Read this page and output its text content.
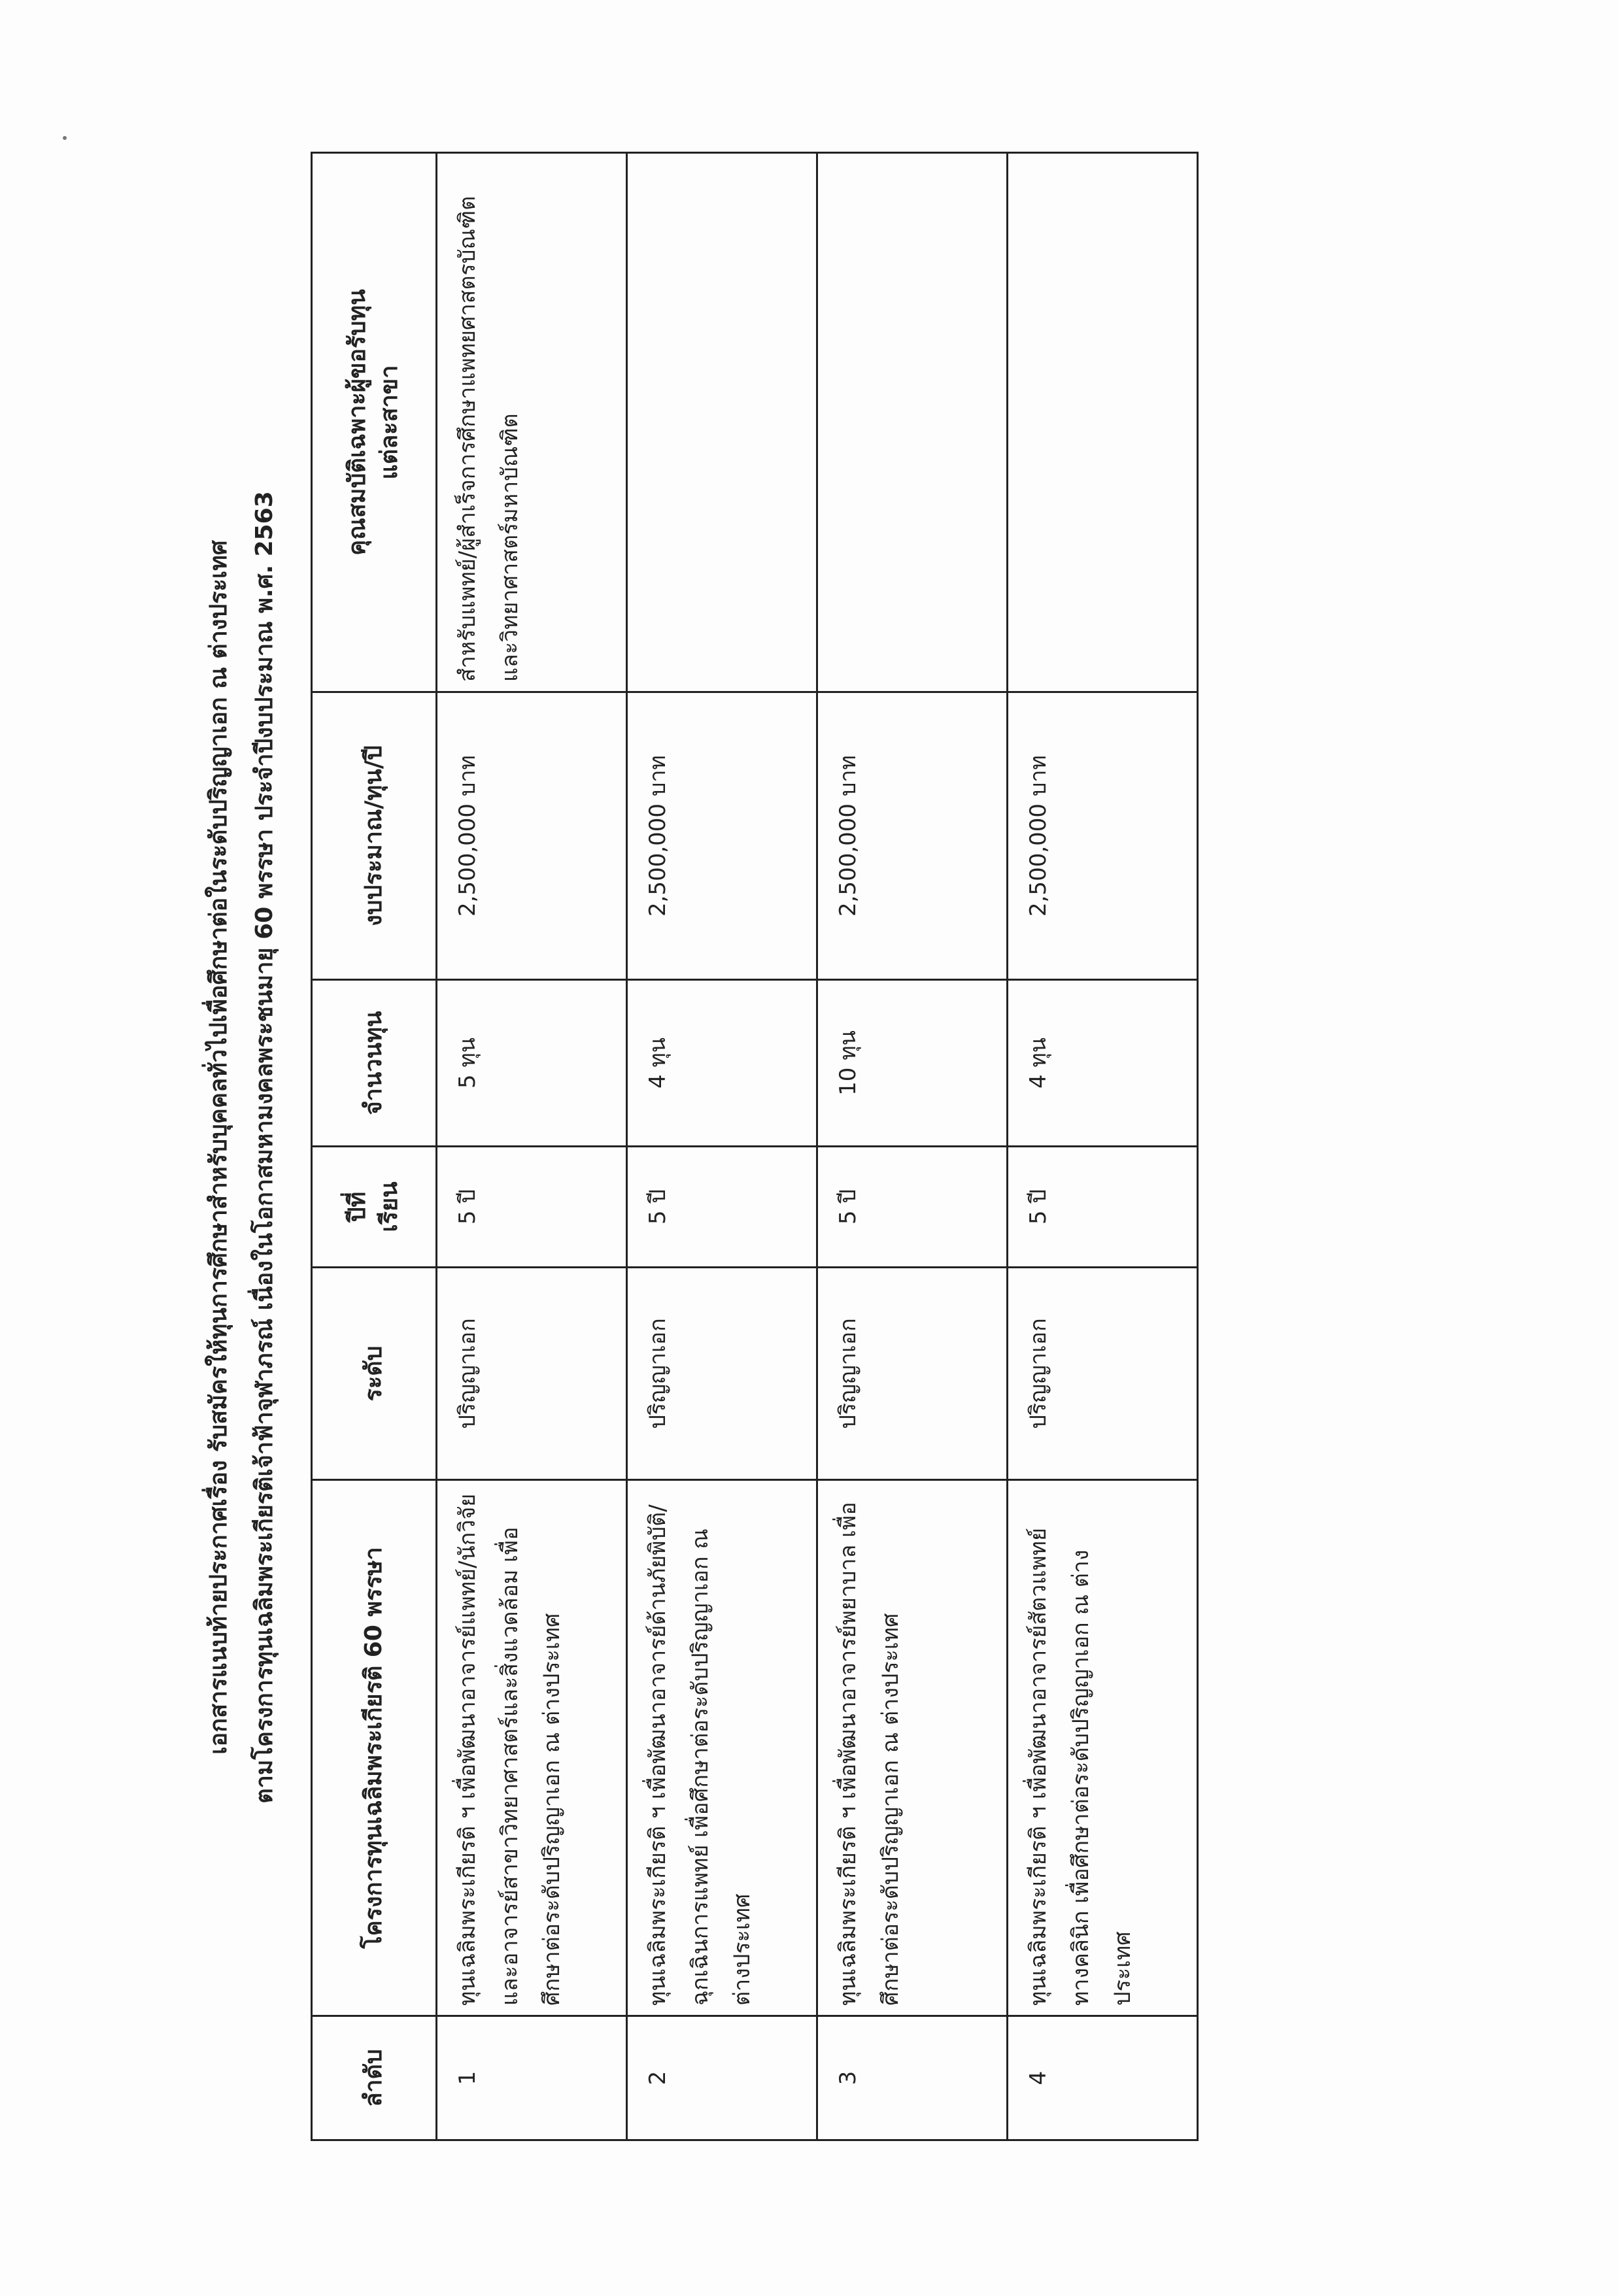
เอกสารแนบท้ายประกาศเรื่อง รับสมัครให้ทุนการศึกษาสำหรับบุคคลทั่วไปเพื่อศึกษาต่อในระดับปริญญาเอก ณ ต่างประเทศ ตามโครงการทุนเฉลิมพระเกียรติเจ้าฟ้าจุฬาภรณ์ เนื่องในโอกาสมหามงคลพระชนมายุ 60 พรรษา ประจำปีงบประมาณ พ.ศ. 2563
ลำดับ	โครงการทุนเฉลิมพระเกียรติ 60 พรรษา	ระดับ	ปีที่ เรียน	จำนวนทุน	งบประมาณ/ทุน/ปี	คุณสมบัติเฉพาะผู้ขอรับทุน แต่ละสาขา

1	ทุนเฉลิมพระเกียรติ ฯ เพื่อพัฒนาอาจารย์แพทย์/นักวิจัยและอาจารย์สาขาวิทยาศาสตร์และสิ่งแวดล้อม เพื่อศึกษาต่อระดับปริญญาเอก ณ ต่างประเทศ	ปริญญาเอก	5 ปี	5 ทุน	2,500,000 บาท	สำหรับแพทย์/ผู้สำเร็จการศึกษาแพทยศาสตรบัณฑิตและวิทยาศาสตร์มหาบัณฑิต
2	ทุนเฉลิมพระเกียรติ ฯ เพื่อพัฒนาอาจารย์ด้านภัยพิบัติ/ฉุกเฉินการแพทย์ เพื่อศึกษาต่อระดับปริญญาเอก ณ ต่างประเทศ	ปริญญาเอก	5 ปี	4 ทุน	2,500,000 บาท	
3	ทุนเฉลิมพระเกียรติ ฯ เพื่อพัฒนาอาจารย์พยาบาล เพื่อศึกษาต่อระดับปริญญาเอก ณ ต่างประเทศ	ปริญญาเอก	5 ปี	10 ทุน	2,500,000 บาท	
4	ทุนเฉลิมพระเกียรติ ฯ เพื่อพัฒนาอาจารย์สัตวแพทย์ทางคลินิก เพื่อศึกษาต่อระดับปริญญาเอก ณ ต่างประเทศ	ปริญญาเอก	5 ปี	4 ทุน	2,500,000 บาท	
